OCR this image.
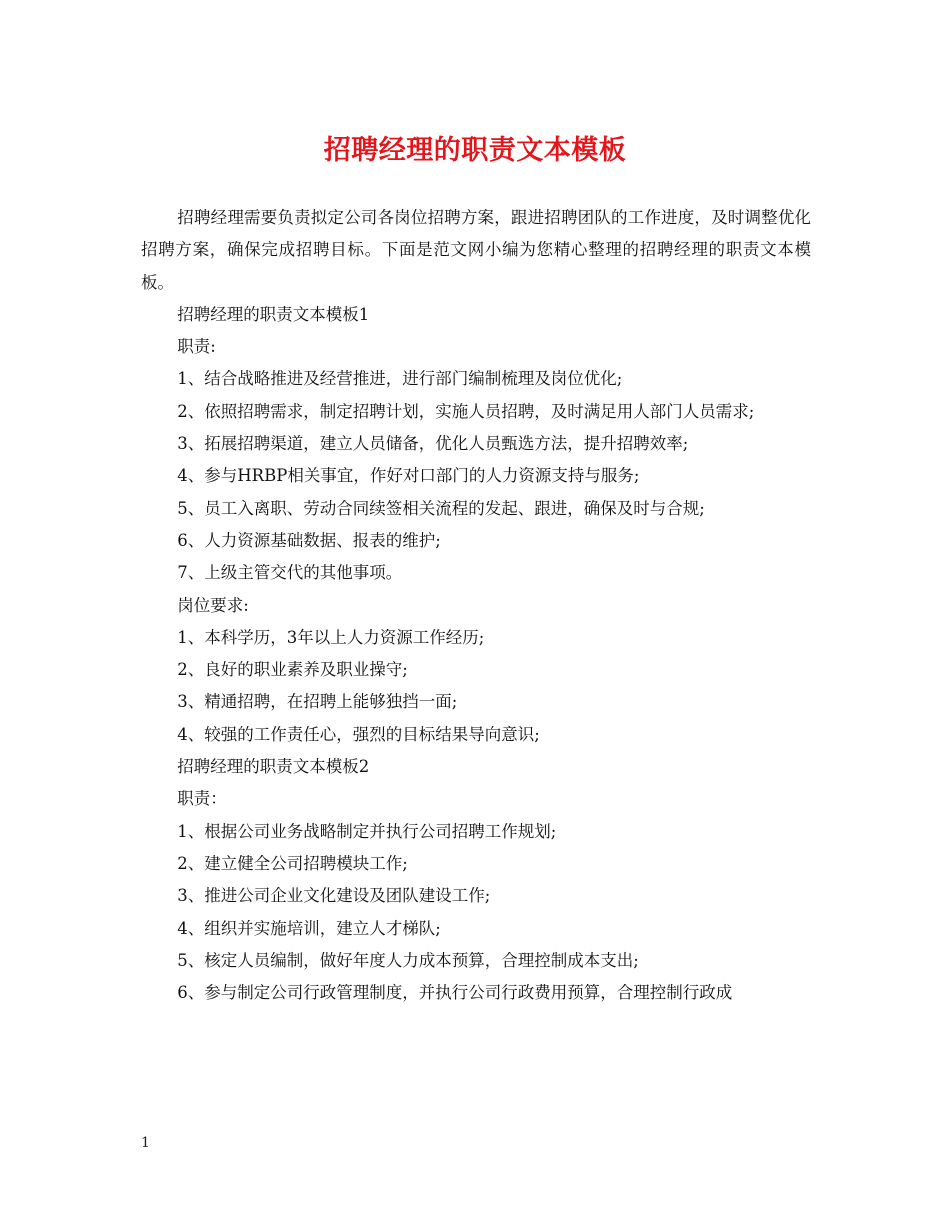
招聘经理的职责文本模板

招聘经理需要负责拟定公司各岗位招聘方案，跟进招聘团队的工作进度，及时调整优化招聘方案，确保完成招聘目标。下面是范文网小编为您精心整理的招聘经理的职责文本模板。

招聘经理的职责文本模板1

职责:

1、结合战略推进及经营推进，进行部门编制梳理及岗位优化;

2、依照招聘需求，制定招聘计划，实施人员招聘，及时满足用人部门人员需求;

3、拓展招聘渠道，建立人员储备，优化人员甄选方法，提升招聘效率;

4、参与HRBP相关事宜，作好对口部门的人力资源支持与服务;

5、员工入离职、劳动合同续签相关流程的发起、跟进，确保及时与合规;

6、人力资源基础数据、报表的维护;

7、上级主管交代的其他事项。

岗位要求:

1、本科学历，3年以上人力资源工作经历;

2、良好的职业素养及职业操守;

3、精通招聘，在招聘上能够独挡一面;

4、较强的工作责任心，强烈的目标结果导向意识;

招聘经理的职责文本模板2

职责：

1、根据公司业务战略制定并执行公司招聘工作规划;

2、建立健全公司招聘模块工作;

3、推进公司企业文化建设及团队建设工作;

4、组织并实施培训，建立人才梯队;

5、核定人员编制，做好年度人力成本预算，合理控制成本支出;

6、参与制定公司行政管理制度，并执行公司行政费用预算，合理控制行政成

1
